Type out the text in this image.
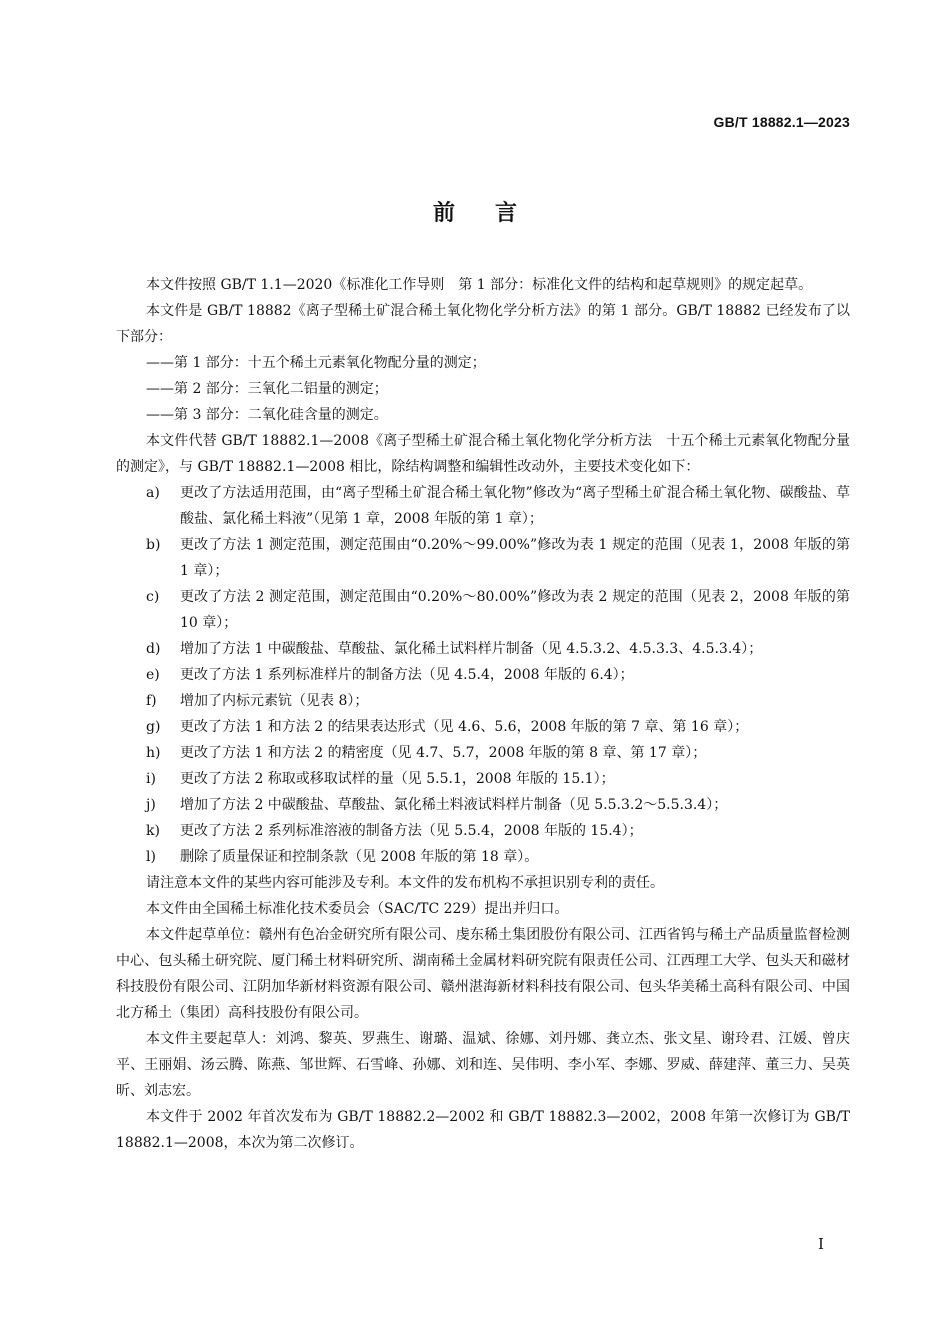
GB/T 18882.1—2023
前言

本文件按照 GB/T 1.1—2020《标准化工作导则　第 1 部分：标准化文件的结构和起草规则》的规定起草。

本文件是 GB/T 18882《离子型稀土矿混合稀土氧化物化学分析方法》的第 1 部分。GB/T 18882 已经发布了以下部分：

——第 1 部分：十五个稀土元素氧化物配分量的测定；

——第 2 部分：三氧化二铝量的测定；

——第 3 部分：二氧化硅含量的测定。

本文件代替 GB/T 18882.1—2008《离子型稀土矿混合稀土氧化物化学分析方法　十五个稀土元素氧化物配分量的测定》，与 GB/T 18882.1—2008 相比，除结构调整和编辑性改动外，主要技术变化如下：

a) 更改了方法适用范围，由“离子型稀土矿混合稀土氧化物”修改为“离子型稀土矿混合稀土氧化物、碳酸盐、草酸盐、氯化稀土料液”（见第 1 章，2008 年版的第 1 章）；
b) 更改了方法 1 测定范围，测定范围由“0.20%～99.00%”修改为表 1 规定的范围（见表 1，2008 年版的第 1 章）；
c) 更改了方法 2 测定范围，测定范围由“0.20%～80.00%”修改为表 2 规定的范围（见表 2，2008 年版的第 10 章）；
d) 增加了方法 1 中碳酸盐、草酸盐、氯化稀土试料样片制备（见 4.5.3.2、4.5.3.3、4.5.3.4）；
e) 更改了方法 1 系列标准样片的制备方法（见 4.5.4，2008 年版的 6.4）；
f) 增加了内标元素钪（见表 8）；
g) 更改了方法 1 和方法 2 的结果表达形式（见 4.6、5.6，2008 年版的第 7 章、第 16 章）；
h) 更改了方法 1 和方法 2 的精密度（见 4.7、5.7，2008 年版的第 8 章、第 17 章）；
i) 更改了方法 2 称取或移取试样的量（见 5.5.1，2008 年版的 15.1）；
j) 增加了方法 2 中碳酸盐、草酸盐、氯化稀土料液试料样片制备（见 5.5.3.2～5.5.3.4）；
k) 更改了方法 2 系列标准溶液的制备方法（见 5.5.4，2008 年版的 15.4）；
l) 删除了质量保证和控制条款（见 2008 年版的第 18 章）。

请注意本文件的某些内容可能涉及专利。本文件的发布机构不承担识别专利的责任。

本文件由全国稀土标准化技术委员会（SAC/TC 229）提出并归口。

本文件起草单位：赣州有色冶金研究所有限公司、虔东稀土集团股份有限公司、江西省钨与稀土产品质量监督检测中心、包头稀土研究院、厦门稀土材料研究所、湖南稀土金属材料研究院有限责任公司、江西理工大学、包头天和磁材科技股份有限公司、江阴加华新材料资源有限公司、赣州湛海新材料科技有限公司、包头华美稀土高科有限公司、中国北方稀土（集团）高科技股份有限公司。

本文件主要起草人：刘鸿、黎英、罗燕生、谢璐、温斌、徐娜、刘丹娜、龚立杰、张文星、谢玲君、江媛、曾庆平、王丽娟、汤云腾、陈燕、邹世辉、石雪峰、孙娜、刘和连、吴伟明、李小军、李娜、罗威、薛建萍、董三力、吴英昕、刘志宏。

本文件于 2002 年首次发布为 GB/T 18882.2—2002 和 GB/T 18882.3—2002，2008 年第一次修订为 GB/T 18882.1—2008，本次为第二次修订。

I
